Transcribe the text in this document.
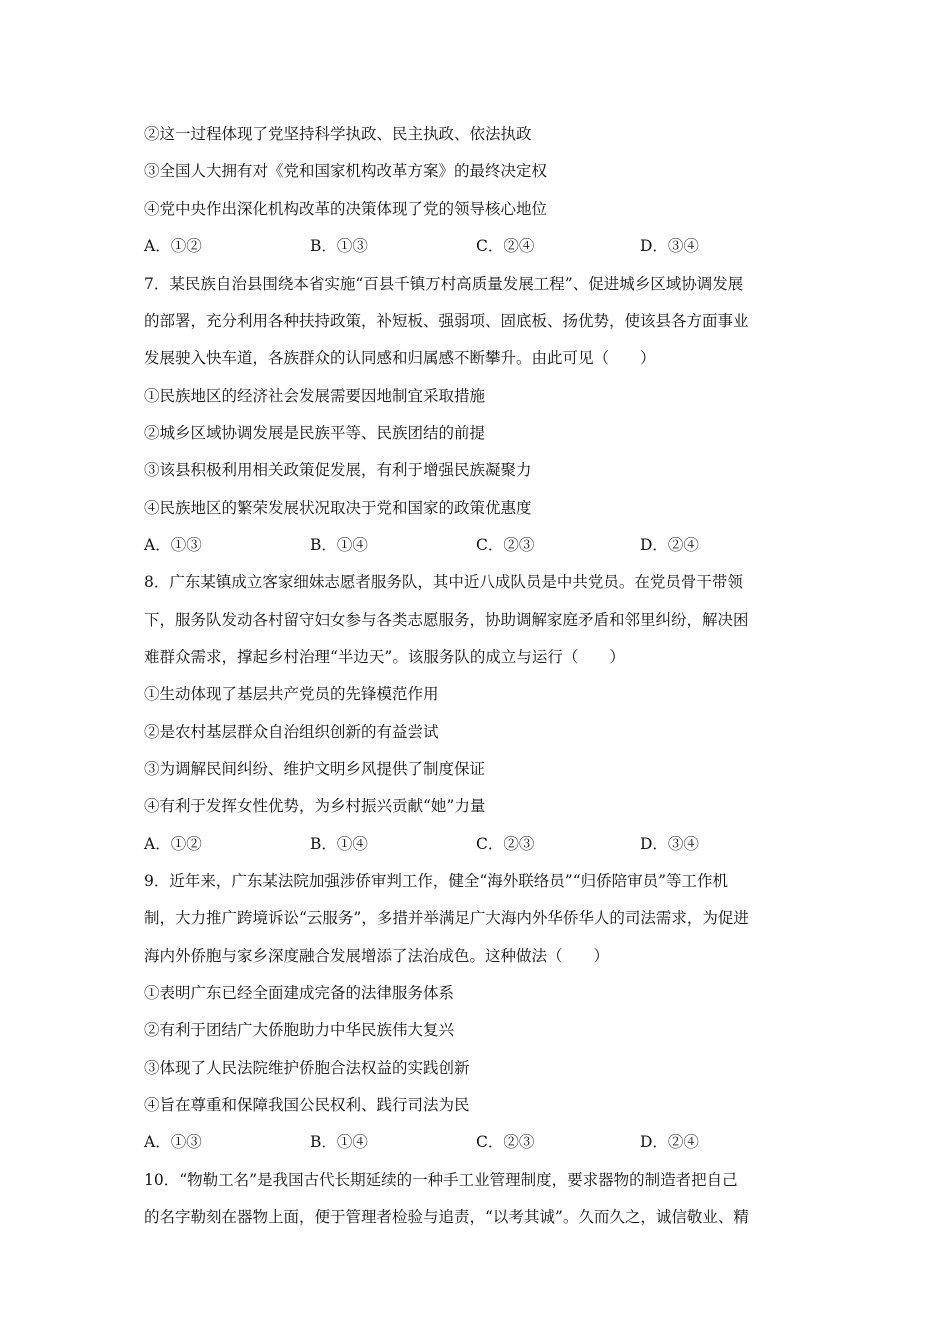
②这一过程体现了党坚持科学执政、民主执政、依法执政
③全国人大拥有对《党和国家机构改革方案》的最终决定权
④党中央作出深化机构改革的决策体现了党的领导核心地位
A．①②	B．①③	C．②④	D．③④
7．某民族自治县围绕本省实施“百县千镇万村高质量发展工程”、促进城乡区域协调发展
的部署，充分利用各种扶持政策，补短板、强弱项、固底板、扬优势，使该县各方面事业
发展驶入快车道，各族群众的认同感和归属感不断攀升。由此可见（　　）
①民族地区的经济社会发展需要因地制宜采取措施
②城乡区域协调发展是民族平等、民族团结的前提
③该县积极利用相关政策促发展，有利于增强民族凝聚力
④民族地区的繁荣发展状况取决于党和国家的政策优惠度
A．①③	B．①④	C．②③	D．②④
8．广东某镇成立客家细妹志愿者服务队，其中近八成队员是中共党员。在党员骨干带领
下，服务队发动各村留守妇女参与各类志愿服务，协助调解家庭矛盾和邻里纠纷，解决困
难群众需求，撑起乡村治理“半边天”。该服务队的成立与运行（　　）
①生动体现了基层共产党员的先锋模范作用
②是农村基层群众自治组织创新的有益尝试
③为调解民间纠纷、维护文明乡风提供了制度保证
④有利于发挥女性优势，为乡村振兴贡献“她”力量
A．①②	B．①④	C．②③	D．③④
9．近年来，广东某法院加强涉侨审判工作，健全“海外联络员”“归侨陪审员”等工作机
制，大力推广跨境诉讼“云服务”，多措并举满足广大海内外华侨华人的司法需求，为促进
海内外侨胞与家乡深度融合发展增添了法治成色。这种做法（　　）
①表明广东已经全面建成完备的法律服务体系
②有利于团结广大侨胞助力中华民族伟大复兴
③体现了人民法院维护侨胞合法权益的实践创新
④旨在尊重和保障我国公民权利、践行司法为民
A．①③	B．①④	C．②③	D．②④
10．“物勒工名”是我国古代长期延续的一种手工业管理制度，要求器物的制造者把自己
的名字勒刻在器物上面，便于管理者检验与追责，“以考其诚”。久而久之，诚信敬业、精
